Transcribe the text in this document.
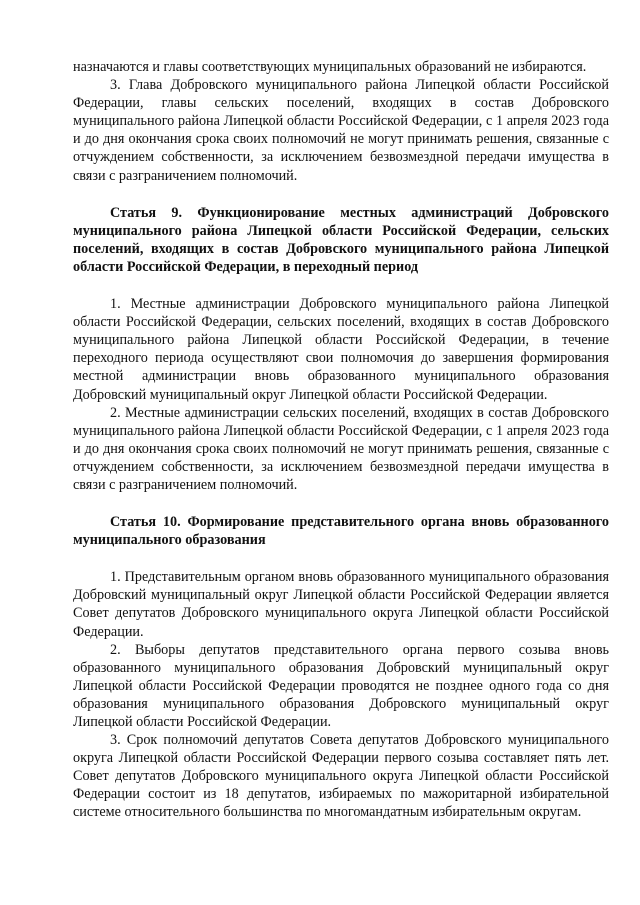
назначаются и главы соответствующих муниципальных образований не избираются.

3. Глава Добровского муниципального района Липецкой области Российской Федерации, главы сельских поселений, входящих в состав Добровского муниципального района Липецкой области Российской Федерации, с 1 апреля 2023 года и до дня окончания срока своих полномочий не могут принимать решения, связанные с отчуждением собственности, за исключением безвозмездной передачи имущества в связи с разграничением полномочий.

Статья 9. Функционирование местных администраций Добровского муниципального района Липецкой области Российской Федерации, сельских поселений, входящих в состав Добровского муниципального района Липецкой области Российской Федерации, в переходный период

1. Местные администрации Добровского муниципального района Липецкой области Российской Федерации, сельских поселений, входящих в состав Добровского муниципального района Липецкой области Российской Федерации, в течение переходного периода осуществляют свои полномочия до завершения формирования местной администрации вновь образованного муниципального образования Добровский муниципальный округ Липецкой области Российской Федерации.

2. Местные администрации сельских поселений, входящих в состав Добровского муниципального района Липецкой области Российской Федерации, с 1 апреля 2023 года и до дня окончания срока своих полномочий не могут принимать решения, связанные с отчуждением собственности, за исключением безвозмездной передачи имущества в связи с разграничением полномочий.

Статья 10. Формирование представительного органа вновь образованного муниципального образования

1. Представительным органом вновь образованного муниципального образования Добровский муниципальный округ Липецкой области Российской Федерации является Совет депутатов Добровского муниципального округа Липецкой области Российской Федерации.

2. Выборы депутатов представительного органа первого созыва вновь образованного муниципального образования Добровский муниципальный округ Липецкой области Российской Федерации проводятся не позднее одного года со дня образования муниципального образования Добровского муниципальный округ Липецкой области Российской Федерации.

3. Срок полномочий депутатов Совета депутатов Добровского муниципального округа Липецкой области Российской Федерации первого созыва составляет пять лет. Совет депутатов Добровского муниципального округа Липецкой области Российской Федерации состоит из 18 депутатов, избираемых по мажоритарной избирательной системе относительного большинства по многомандатным избирательным округам.
